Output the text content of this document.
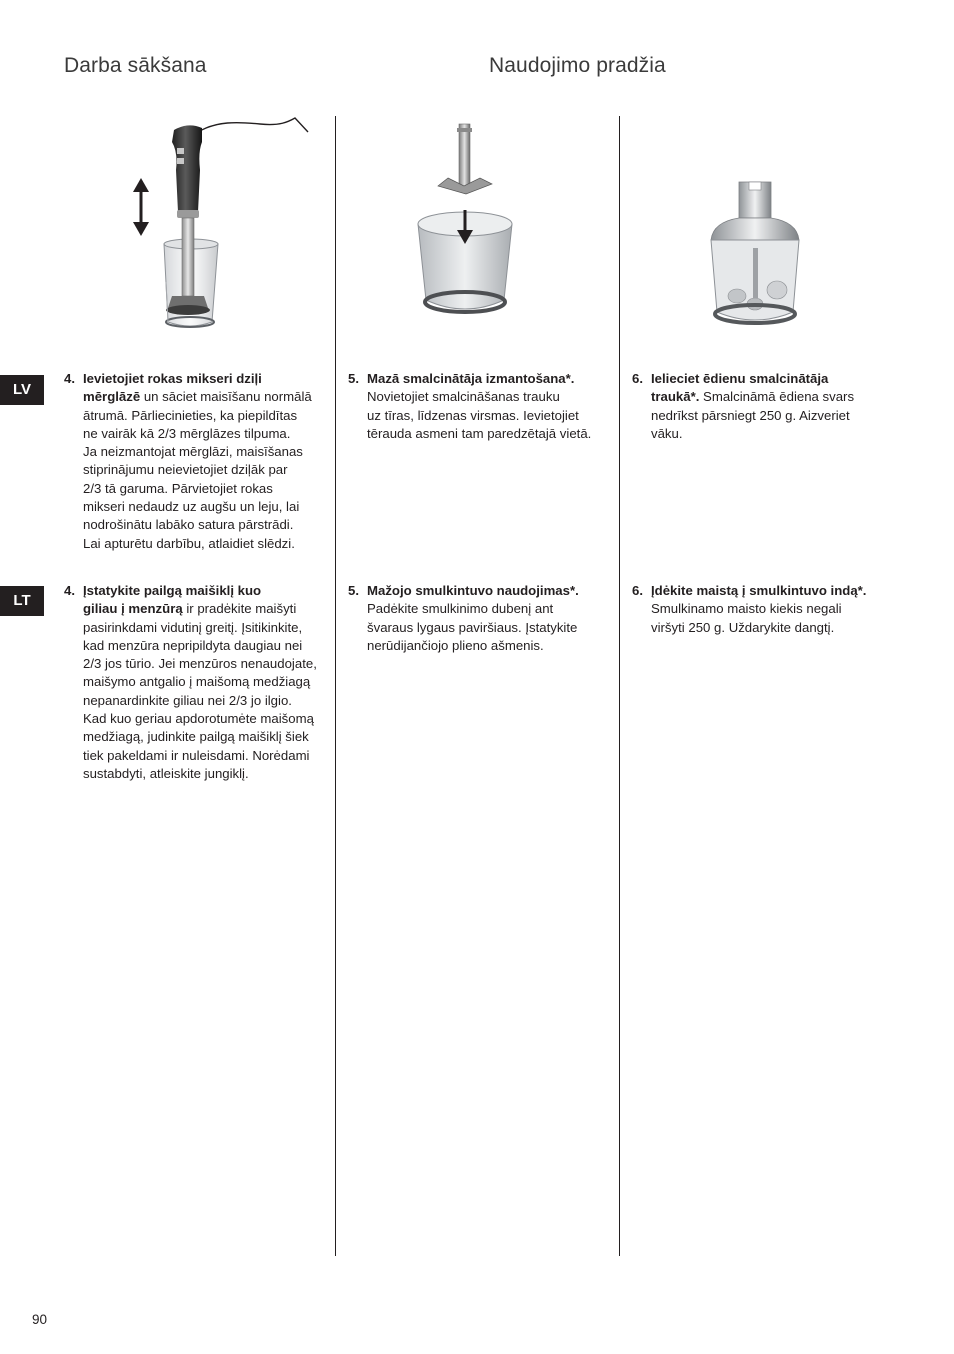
Darba sākšana	Naudojimo pradžia
LV
LT
4. Ievietojiet rokas mikseri dziļi
mērglāzē un sāciet maisīšanu normālā
ātrumā. Pārliecinieties, ka piepildītas
ne vairāk kā 2/3 mērglāzes tilpuma.
Ja neizmantojat mērglāzi, maisīšanas
stiprinājumu neievietojiet dziļāk par
2/3 tā garuma. Pārvietojiet rokas
mikseri nedaudz uz augšu un leju, lai
nodrošinātu labāko satura pārstrādi.
Lai apturētu darbību, atlaidiet slēdzi.
5. Mazā smalcinātāja izmantošana*.
Novietojiet smalcināšanas trauku
uz tīras, līdzenas virsmas. Ievietojiet
tērauda asmeni tam paredzētajā vietā.
6. Ielieciet ēdienu smalcinātāja
traukā*. Smalcināmā ēdiena svars
nedrīkst pārsniegt 250 g. Aizveriet
vāku.
4. Įstatykite pailgą maišiklį kuo
giliau į menzūrą ir pradėkite maišyti
pasirinkdami vidutinį greitį. Įsitikinkite,
kad menzūra nepripildyta daugiau nei
2/3 jos tūrio. Jei menzūros nenaudojate,
maišymo antgalio į maišomą medžiagą
nepanardinkite giliau nei 2/3 jo ilgio.
Kad kuo geriau apdorotumėte maišomą
medžiagą, judinkite pailgą maišiklį šiek
tiek pakeldami ir nuleisdami. Norėdami
sustabdyti, atleiskite jungiklį.
5. Mažojo smulkintuvo naudojimas*.
Padėkite smulkinimo dubenį ant
švaraus lygaus paviršiaus. Įstatykite
nerūdijančiojo plieno ašmenis.
6. Įdėkite maistą į smulkintuvo indą*.
Smulkinamo maisto kiekis negali
viršyti 250 g. Uždarykite dangtį.
90
